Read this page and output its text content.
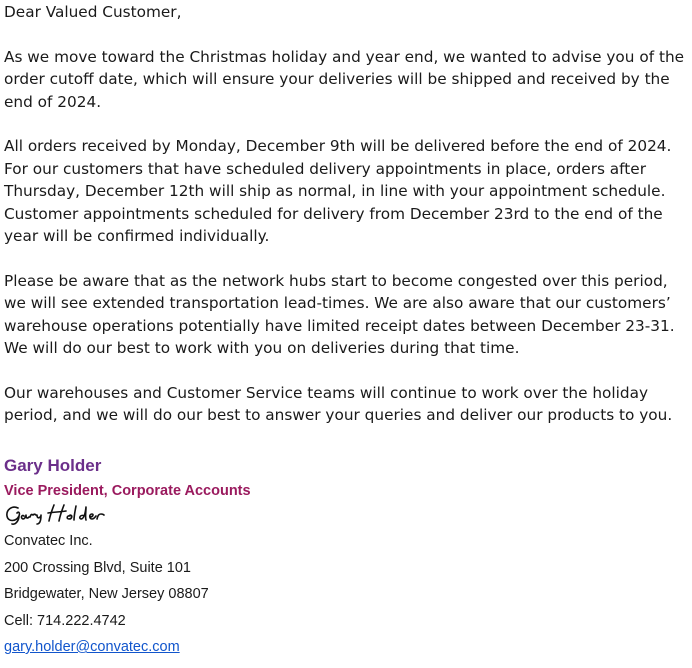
Dear Valued Customer,

As we move toward the Christmas holiday and year end, we wanted to advise you of the order cutoff date, which will ensure your deliveries will be shipped and received by the end of 2024.

All orders received by Monday, December 9th will be delivered before the end of 2024. For our customers that have scheduled delivery appointments in place, orders after Thursday, December 12th will ship as normal, in line with your appointment schedule.
Customer appointments scheduled for delivery from December 23rd to the end of the year will be confirmed individually.

Please be aware that as the network hubs start to become congested over this period, we will see extended transportation lead-times. We are also aware that our customers’ warehouse operations potentially have limited receipt dates between December 23-31. We will do our best to work with you on deliveries during that time.

Our warehouses and Customer Service teams will continue to work over the holiday period, and we will do our best to answer your queries and deliver our products to you.

Gary Holder
Vice President, Corporate Accounts
Convatec Inc.
200 Crossing Blvd, Suite 101
Bridgewater, New Jersey 08807
Cell: 714.222.4742
gary.holder@convatec.com
